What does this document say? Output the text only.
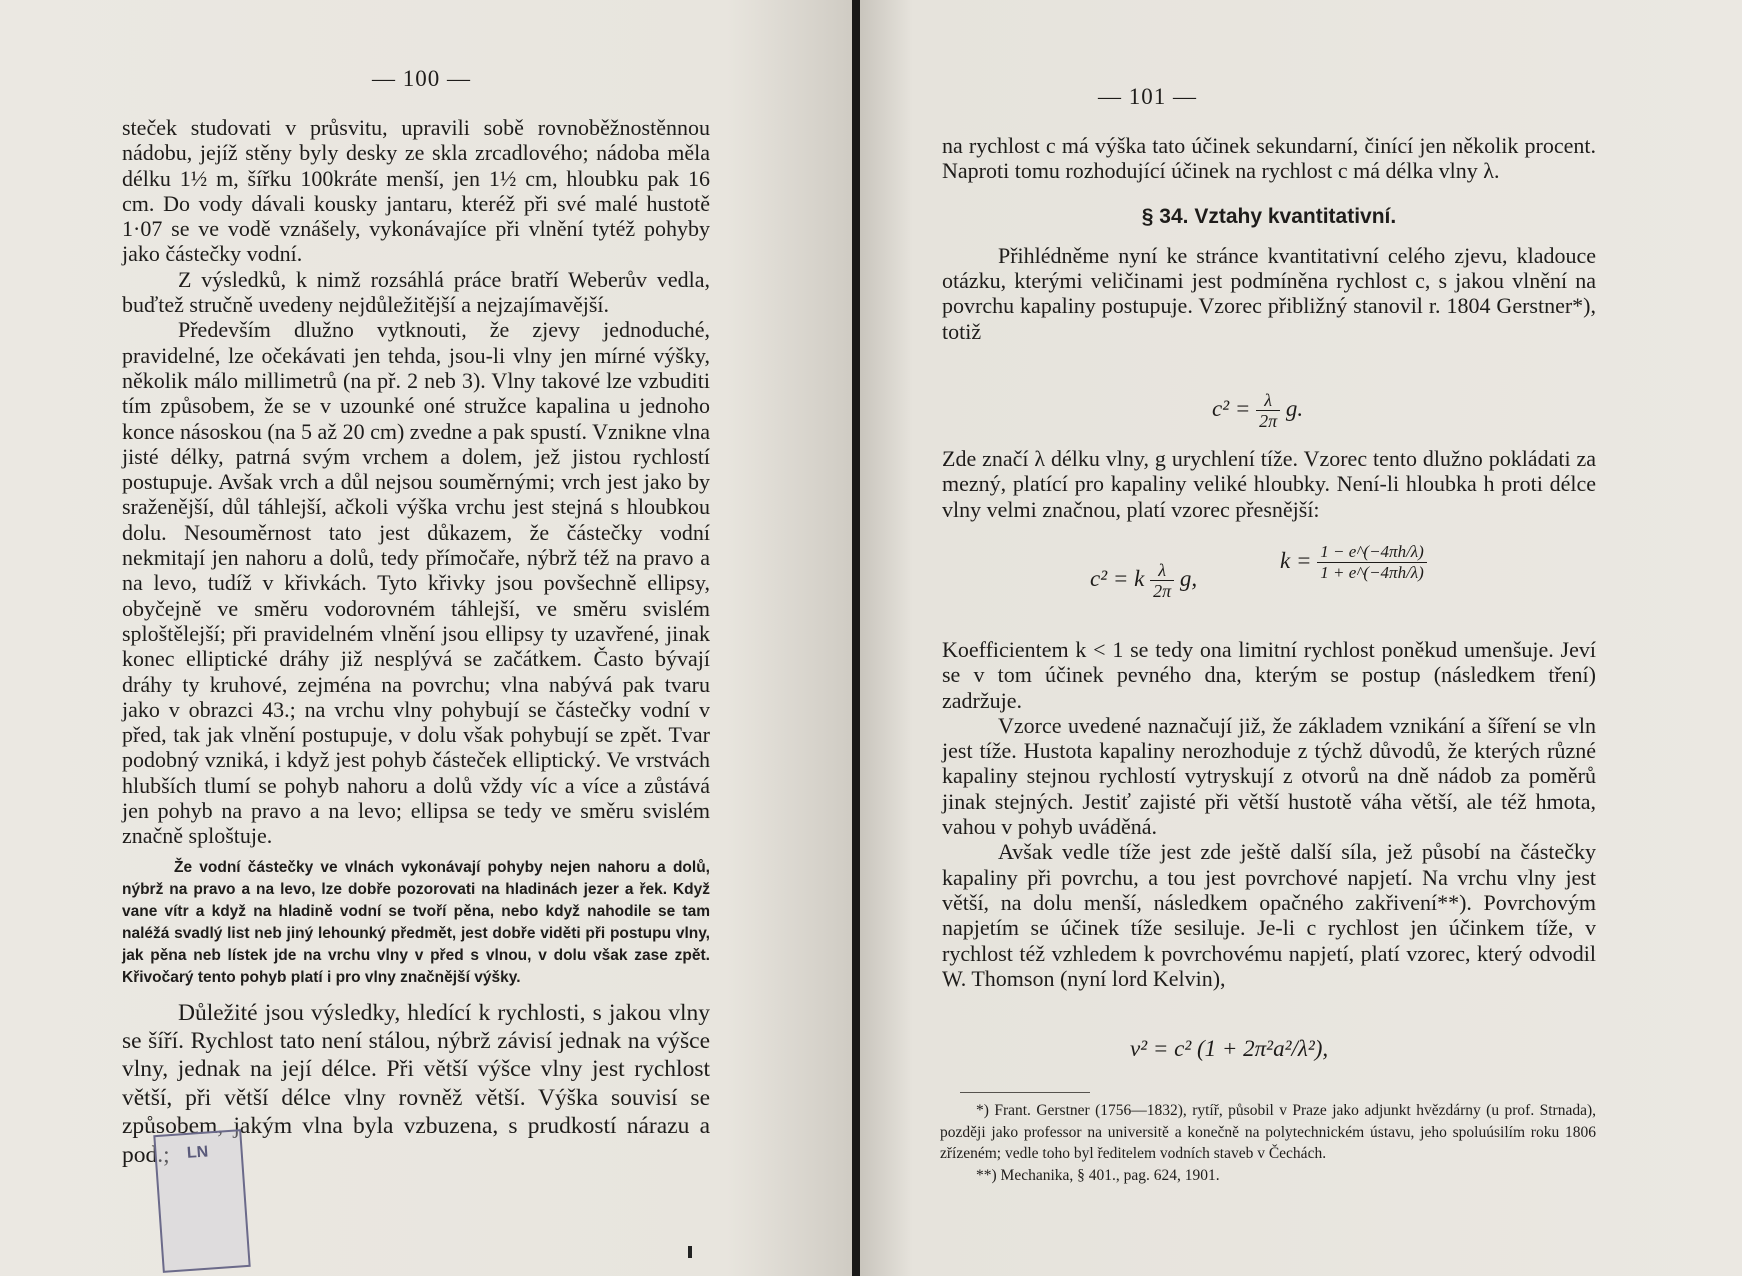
— 100 —

steček studovati v průsvitu, upravili sobě rovnoběžnostěnnou nádobu, jejíž stěny byly desky ze skla zrcadlového; nádoba měla délku 1½ m, šířku 100kráte menší, jen 1½ cm, hloubku pak 16 cm. Do vody dávali kousky jantaru, kteréž při své malé hustotě 1·07 se ve vodě vznášely, vykonávajíce při vlnění tytéž pohyby jako částečky vodní.

Z výsledků, k nimž rozsáhlá práce bratří Weberův vedla, buďtež stručně uvedeny nejdůležitější a nejzajímavější.

Především dlužno vytknouti, že zjevy jednoduché, pravidelné, lze očekávati jen tehda, jsou-li vlny jen mírné výšky, několik málo millimetrů (na př. 2 neb 3). Vlny takové lze vzbuditi tím způsobem, že se v uzounké oné stružce kapalina u jednoho konce násoskou (na 5 až 20 cm) zvedne a pak spustí. Vznikne vlna jisté délky, patrná svým vrchem a dolem, jež jistou rychlostí postupuje. Avšak vrch a důl nejsou souměrnými; vrch jest jako by sraženější, důl táhlejší, ačkoli výška vrchu jest stejná s hloubkou dolu. Nesouměrnost tato jest důkazem, že částečky vodní nekmitají jen nahoru a dolů, tedy přímočaře, nýbrž též na pravo a na levo, tudíž v křivkách. Tyto křivky jsou povšechně ellipsy, obyčejně ve směru vodorovném táhlejší, ve směru svislém sploštělejší; při pravidelném vlnění jsou ellipsy ty uzavřené, jinak konec elliptické dráhy již nesplývá se začátkem. Často bývají dráhy ty kruhové, zejména na povrchu; vlna nabývá pak tvaru jako v obrazci 43.; na vrchu vlny pohybují se částečky vodní v před, tak jak vlnění postupuje, v dolu však pohybují se zpět. Tvar podobný vzniká, i když jest pohyb částeček elliptický. Ve vrstvách hlubších tlumí se pohyb nahoru a dolů vždy víc a více a zůstává jen pohyb na pravo a na levo; ellipsa se tedy ve směru svislém značně sploštuje.

Že vodní částečky ve vlnách vykonávají pohyby nejen nahoru a dolů, nýbrž na pravo a na levo, lze dobře pozorovati na hladinách jezer a řek. Když vane vítr a když na hladině vodní se tvoří pěna, nebo když nahodile se tam naléžá svadlý list neb jiný lehounký předmět, jest dobře viděti při postupu vlny, jak pěna neb lístek jde na vrchu vlny v před s vlnou, v dolu však zase zpět. Křivočarý tento pohyb platí i pro vlny značnější výšky.

Důležité jsou výsledky, hledící k rychlosti, s jakou vlny se šíří. Rychlost tato není stálou, nýbrž závisí jednak na výšce vlny, jednak na její délce. Při větší výšce vlny jest rychlost větší, při větší délce vlny rovněž větší. Výška souvisí se způsobem, jakým vlna byla vzbuzena, s prudkostí nárazu a pod.;	LN
— 101 —

na rychlost c má výška tato účinek sekundarní, činící jen několik procent. Naproti tomu rozhodující účinek na rychlost c má délka vlny λ.

§ 34. Vztahy kvantitativní.

Přihlédněme nyní ke stránce kvantitativní celého zjevu, kladouce otázku, kterými veličinami jest podmíněna rychlost c, s jakou vlnění na povrchu kapaliny postupuje. Vzorec přibližný stanovil r. 1804 Gerstner*), totiž

$c^2 = \frac{\lambda}{2\pi} g$.

Zde značí λ délku vlny, g urychlení tíže. Vzorec tento dlužno pokládati za mezný, platící pro kapaliny veliké hloubky. Není-li hloubka h proti délce vlny velmi značnou, platí vzorec přesnější:

c² = k $\frac{\lambda}{2\pi} g$,
$k = \frac{1 - e\^{}(-4\pi h/\lambda)}{1 + e\^{}(-4\pi h/\lambda)}$

Koefficientem k < 1 se tedy ona limitní rychlost poněkud umenšuje. Jeví se v tom účinek pevného dna, kterým se postup (následkem tření) zadržuje.

Vzorce uvedené naznačují již, že základem vznikání a šíření se vln jest tíže. Hustota kapaliny nerozhoduje z týchž důvodů, že kterých různé kapaliny stejnou rychlostí vytryskují z otvorů na dně nádob za poměrů jinak stejných. Jestiť zajisté při větší hustotě váha větší, ale též hmota, vahou v pohyb uváděná.

Avšak vedle tíže jest zde ještě další síla, jež působí na částečky kapaliny při povrchu, a tou jest povrchové napjetí. Na vrchu vlny jest větší, na dolu menší, následkem opačného zakřivení**). Povrchovým napjetím se účinek tíže sesiluje. Je-li c rychlost jen účinkem tíže, v rychlost též vzhledem k povrchovému napjetí, platí vzorec, který odvodil W. Thomson (nyní lord Kelvin),

v² = c² (1 + 2π²a²/λ²),

*) Frant. Gerstner (1756—1832), rytíř, působil v Praze jako adjunkt hvězdárny (u prof. Strnada), později jako professor na universitě a konečně na polytechnickém ústavu, jeho spoluúsilím roku 1806 zřízeném; vedle toho byl ředitelem vodních staveb v Čechách.

**) Mechanika, § 401., pag. 624, 1901.
